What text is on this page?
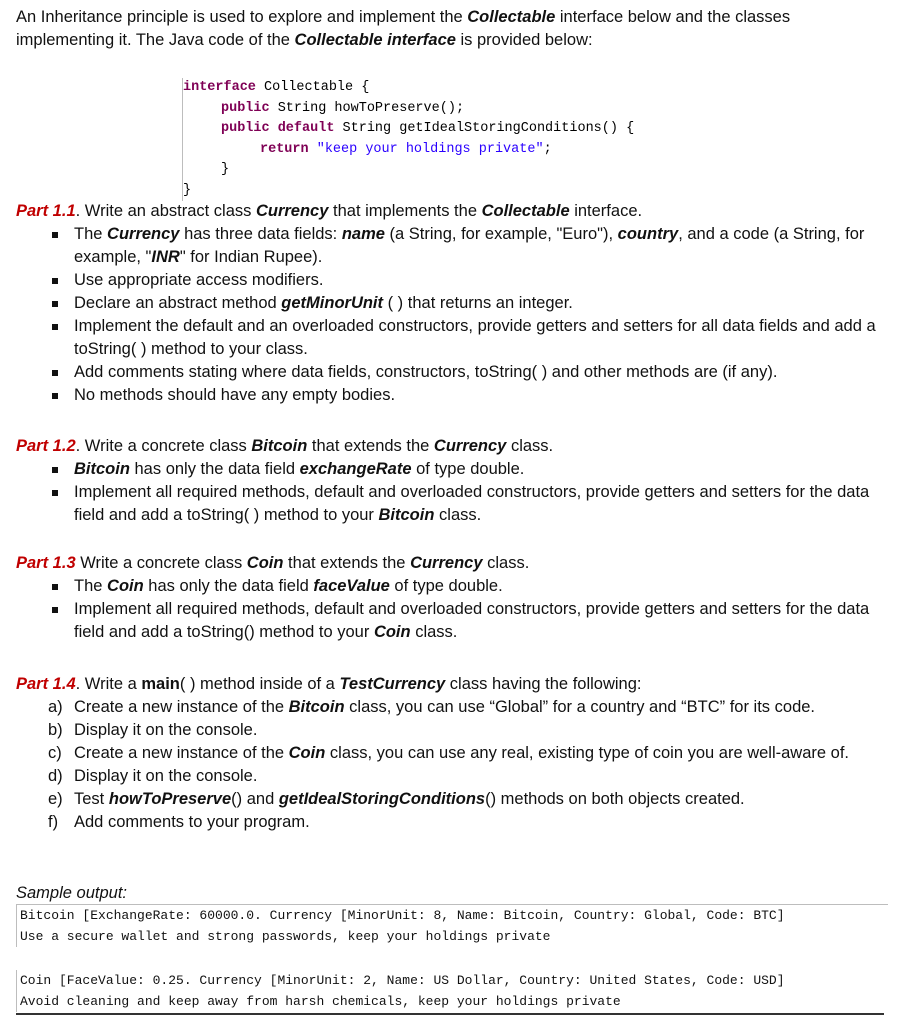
An Inheritance principle is used to explore and implement the Collectable interface below and the classes implementing it. The Java code of the Collectable interface is provided below:
interface Collectable {
public String howToPreserve();
public default String getIdealStoringConditions() {
return "keep your holdings private";
}
}
Part 1.1. Write an abstract class Currency that implements the Collectable interface.
The Currency has three data fields: name (a String, for example, "Euro"), country, and a code (a String, for example, "INR" for Indian Rupee).
Use appropriate access modifiers.
Declare an abstract method getMinorUnit ( ) that returns an integer.
Implement the default and an overloaded constructors, provide getters and setters for all data fields and add a toString( ) method to your class.
Add comments stating where data fields, constructors, toString( ) and other methods are (if any).
No methods should have any empty bodies.
Part 1.2. Write a concrete class Bitcoin that extends the Currency class.
Bitcoin has only the data field exchangeRate of type double.
Implement all required methods, default and overloaded constructors, provide getters and setters for the data field and add a toString( ) method to your Bitcoin class.
Part 1.3 Write a concrete class Coin that extends the Currency class.
The Coin has only the data field faceValue of type double.
Implement all required methods, default and overloaded constructors, provide getters and setters for the data field and add a toString() method to your Coin class.
Part 1.4. Write a main( ) method inside of a TestCurrency class having the following:
a) Create a new instance of the Bitcoin class, you can use “Global” for a country and “BTC” for its code.
b) Display it on the console.
c) Create a new instance of the Coin class, you can use any real, existing type of coin you are well-aware of.
d) Display it on the console.
e) Test howToPreserve() and getIdealStoringConditions() methods on both objects created.
f) Add comments to your program.
Sample output:
Bitcoin [ExchangeRate: 60000.0. Currency [MinorUnit: 8, Name: Bitcoin, Country: Global, Code: BTC]
Use a secure wallet and strong passwords, keep your holdings private
Coin [FaceValue: 0.25. Currency [MinorUnit: 2, Name: US Dollar, Country: United States, Code: USD]
Avoid cleaning and keep away from harsh chemicals, keep your holdings private
